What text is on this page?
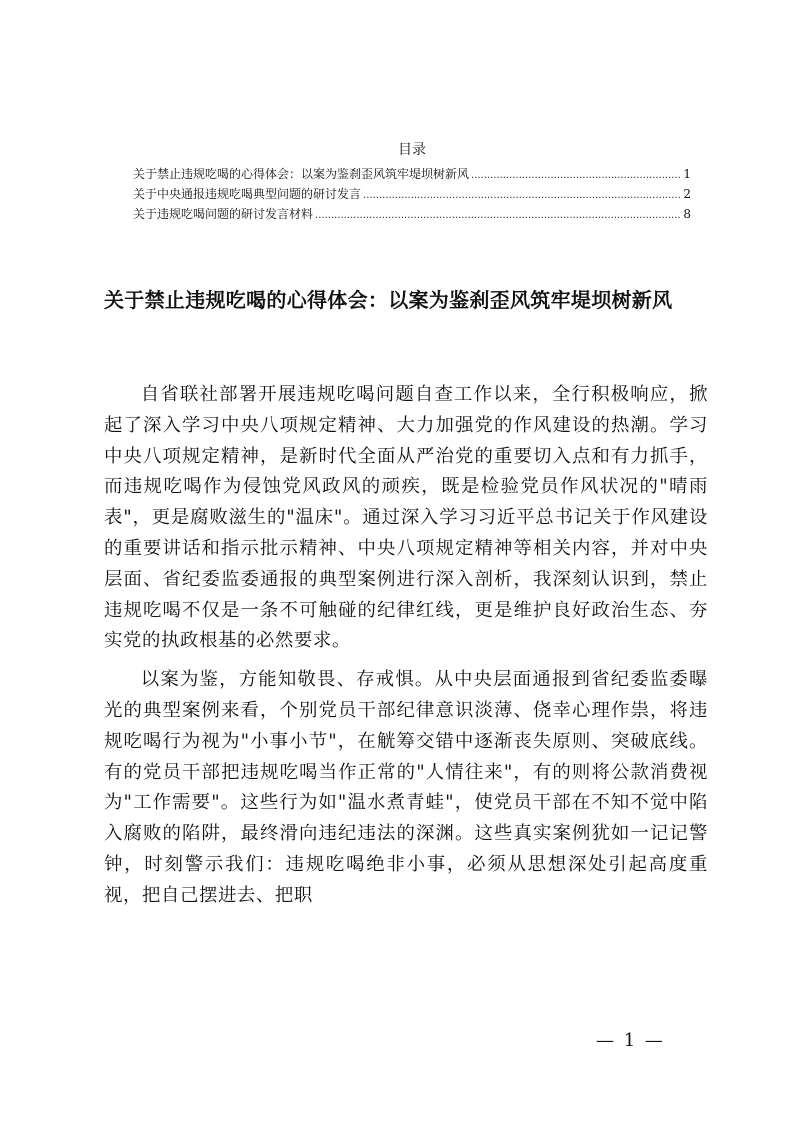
目录
关于禁止违规吃喝的心得体会：以案为鉴刹歪风筑牢堤坝树新风 .....	1
关于中央通报违规吃喝典型问题的研讨发言 .....	2
关于违规吃喝问题的研讨发言材料 .....	8
关于禁止违规吃喝的心得体会：以案为鉴刹歪风筑牢堤坝树新风

自省联社部署开展违规吃喝问题自查工作以来，全行积极响应，掀起了深入学习中央八项规定精神、大力加强党的作风建设的热潮。学习中央八项规定精神，是新时代全面从严治党的重要切入点和有力抓手，而违规吃喝作为侵蚀党风政风的顽疾，既是检验党员作风状况的"晴雨表"，更是腐败滋生的"温床"。通过深入学习习近平总书记关于作风建设的重要讲话和指示批示精神、中央八项规定精神等相关内容，并对中央层面、省纪委监委通报的典型案例进行深入剖析，我深刻认识到，禁止违规吃喝不仅是一条不可触碰的纪律红线，更是维护良好政治生态、夯实党的执政根基的必然要求。

以案为鉴，方能知敬畏、存戒惧。从中央层面通报到省纪委监委曝光的典型案例来看，个别党员干部纪律意识淡薄、侥幸心理作祟，将违规吃喝行为视为"小事小节"，在觥筹交错中逐渐丧失原则、突破底线。有的党员干部把违规吃喝当作正常的"人情往来"，有的则将公款消费视为"工作需要"。这些行为如"温水煮青蛙"，使党员干部在不知不觉中陷入腐败的陷阱，最终滑向违纪违法的深渊。这些真实案例犹如一记记警钟，时刻警示我们：违规吃喝绝非小事，必须从思想深处引起高度重视，把自己摆进去、把职

— 1 —
